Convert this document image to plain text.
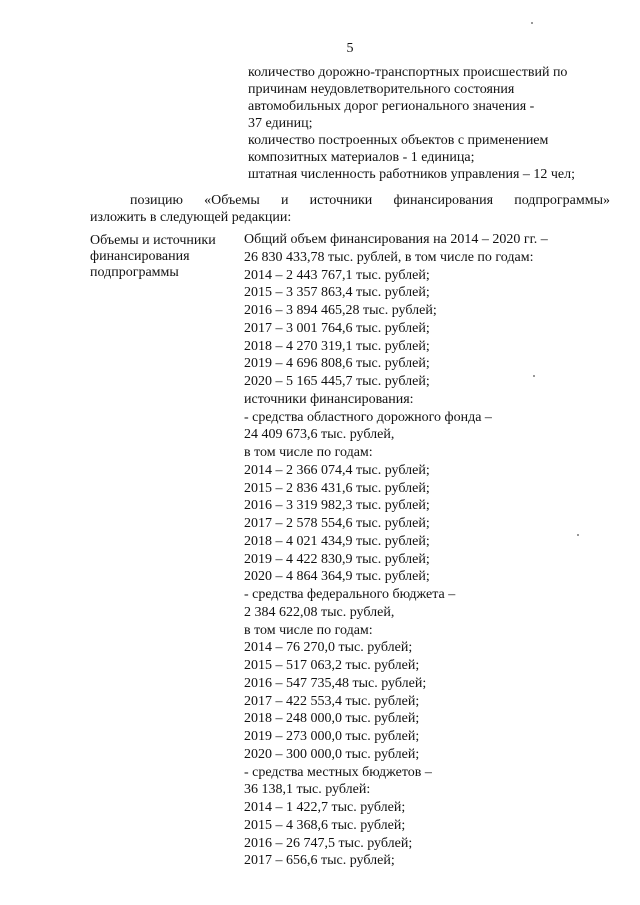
5
количество дорожно-транспортных происшествий по
причинам неудовлетворительного состояния
автомобильных дорог регионального значения -
37 единиц;
количество построенных объектов с применением
композитных материалов - 1 единица;
штатная численность работников управления – 12 чел;
позицию «Объемы и источники финансирования подпрограммы»
изложить в следующей редакции:
Объемы и источники
финансирования
подпрограммы
Общий объем финансирования на 2014 – 2020 гг. –
26 830 433,78 тыс. рублей, в том числе по годам:
2014 – 2 443 767,1 тыс. рублей;
2015 – 3 357 863,4 тыс. рублей;
2016 – 3 894 465,28 тыс. рублей;
2017 – 3 001 764,6 тыс. рублей;
2018 – 4 270 319,1 тыс. рублей;
2019 – 4 696 808,6 тыс. рублей;
2020 – 5 165 445,7 тыс. рублей;
источники финансирования:
- средства областного дорожного фонда –
24 409 673,6 тыс. рублей,
в том числе по годам:
2014 – 2 366 074,4 тыс. рублей;
2015 – 2 836 431,6 тыс. рублей;
2016 – 3 319 982,3 тыс. рублей;
2017 – 2 578 554,6 тыс. рублей;
2018 – 4 021 434,9 тыс. рублей;
2019 – 4 422 830,9 тыс. рублей;
2020 – 4 864 364,9 тыс. рублей;
- средства федерального бюджета –
2 384 622,08 тыс. рублей,
в том числе по годам:
2014 – 76 270,0 тыс. рублей;
2015 – 517 063,2 тыс. рублей;
2016 – 547 735,48 тыс. рублей;
2017 – 422 553,4 тыс. рублей;
2018 – 248 000,0 тыс. рублей;
2019 – 273 000,0 тыс. рублей;
2020 – 300 000,0 тыс. рублей;
- средства местных бюджетов –
36 138,1 тыс. рублей:
2014 – 1 422,7 тыс. рублей;
2015 – 4 368,6 тыс. рублей;
2016 – 26 747,5 тыс. рублей;
2017 – 656,6 тыс. рублей;
